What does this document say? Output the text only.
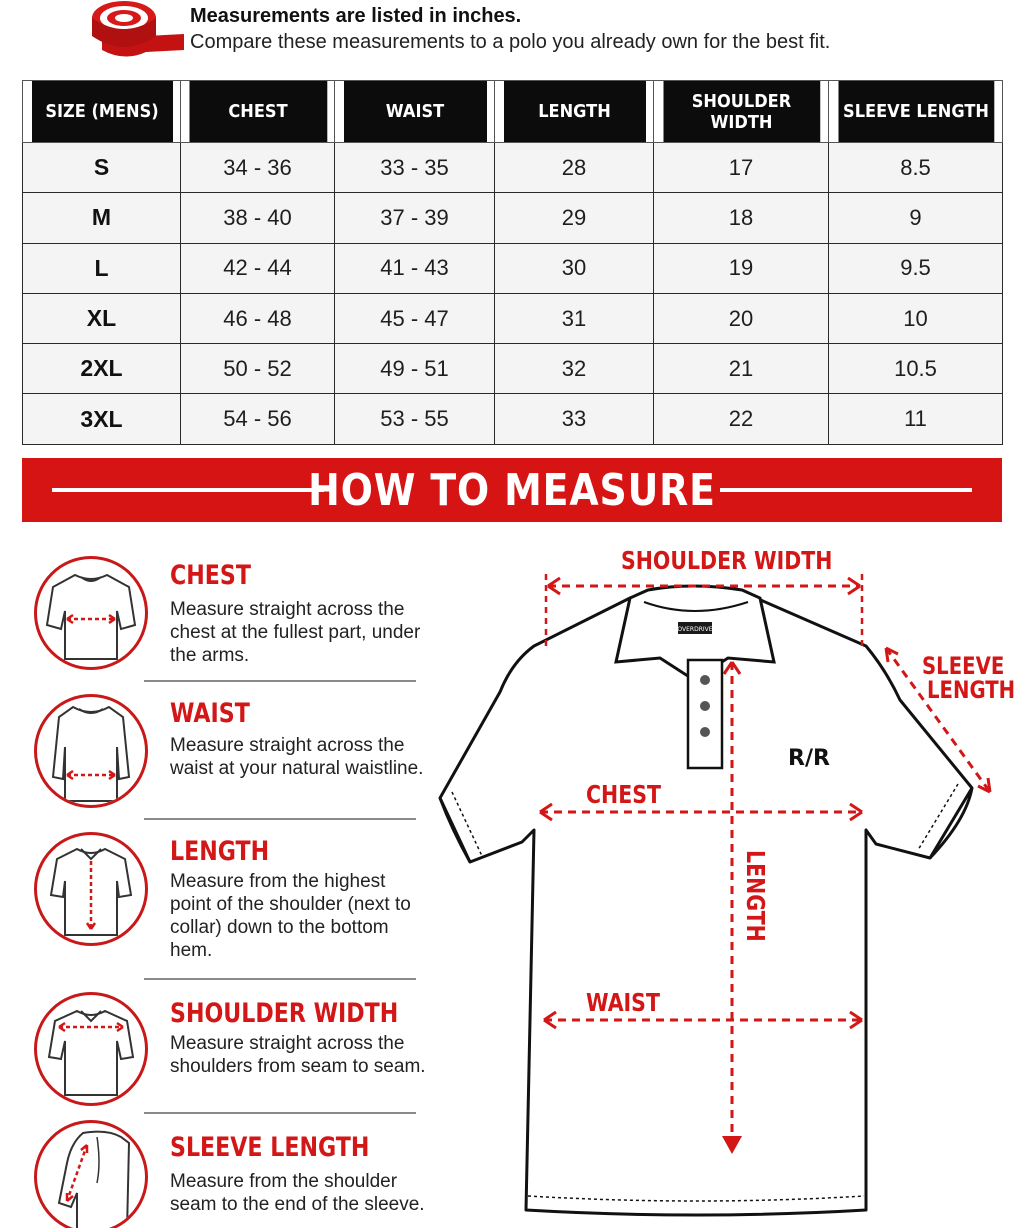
Measurements are listed in inches.
Compare these measurements to a polo you already own for the best fit.
SIZE (MENS)	CHEST	WAIST	LENGTH	SHOULDER WIDTH	SLEEVE LENGTH
S	34 - 36	33 - 35	28	17	8.5
M	38 - 40	37 - 39	29	18	9
L	42 - 44	41 - 43	30	19	9.5
XL	46 - 48	45 - 47	31	20	10
2XL	50 - 52	49 - 51	32	21	10.5
3XL	54 - 56	53 - 55	33	22	11
HOW TO MEASURE
CHEST
Measure straight across the chest at the fullest part, under the arms.
WAIST
Measure straight across the waist at your natural waistline.
LENGTH
Measure from the highest point of the shoulder (next to collar) down to the bottom hem.
SHOULDER WIDTH
Measure straight across the shoulders from seam to seam.
SLEEVE LENGTH
Measure from the shoulder seam to the end of the sleeve.
OVERDRIVE
SHOULDER WIDTH
SLEEVE
LENGTH
CHEST
WAIST
LENGTH
R/R
